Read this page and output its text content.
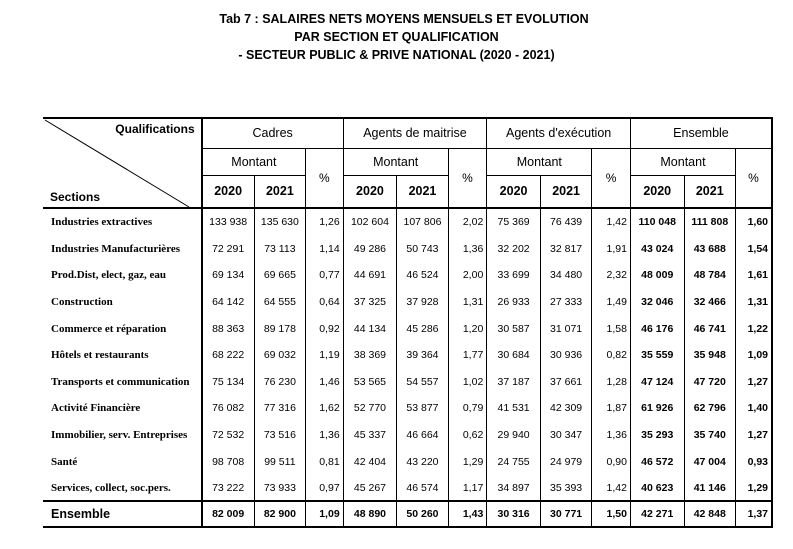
Tab 7 : SALAIRES NETS MOYENS MENSUELS ET EVOLUTION

PAR SECTION ET QUALIFICATION

- SECTEUR PUBLIC & PRIVE NATIONAL (2020 - 2021)

Qualifications
Sections	Cadres			Agents de maitrise			Agents d'exécution			Ensemble		
	Montant		%	Montant		%	Montant		%	Montant		%
	2020	2021		2020	2021		2020	2021		2020	2021	
Industries extractives	133 938	135 630	1,26	102 604	107 806	2,02	75 369	76 439	1,42	110 048	111 808	1,60
Industries Manufacturières	72 291	73 113	1,14	49 286	50 743	1,36	32 202	32 817	1,91	43 024	43 688	1,54
Prod.Dist, elect, gaz, eau	69 134	69 665	0,77	44 691	46 524	2,00	33 699	34 480	2,32	48 009	48 784	1,61
Construction	64 142	64 555	0,64	37 325	37 928	1,31	26 933	27 333	1,49	32 046	32 466	1,31
Commerce et réparation	88 363	89 178	0,92	44 134	45 286	1,20	30 587	31 071	1,58	46 176	46 741	1,22
Hôtels et restaurants	68 222	69 032	1,19	38 369	39 364	1,77	30 684	30 936	0,82	35 559	35 948	1,09
Transports et communication	75 134	76 230	1,46	53 565	54 557	1,02	37 187	37 661	1,28	47 124	47 720	1,27
Activité Financière	76 082	77 316	1,62	52 770	53 877	0,79	41 531	42 309	1,87	61 926	62 796	1,40
Immobilier, serv. Entreprises	72 532	73 516	1,36	45 337	46 664	0,62	29 940	30 347	1,36	35 293	35 740	1,27
Santé	98 708	99 511	0,81	42 404	43 220	1,29	24 755	24 979	0,90	46 572	47 004	0,93
Services, collect, soc.pers.	73 222	73 933	0,97	45 267	46 574	1,17	34 897	35 393	1,42	40 623	41 146	1,29
Ensemble	82 009	82 900	1,09	48 890	50 260	1,43	30 316	30 771	1,50	42 271	42 848	1,37
